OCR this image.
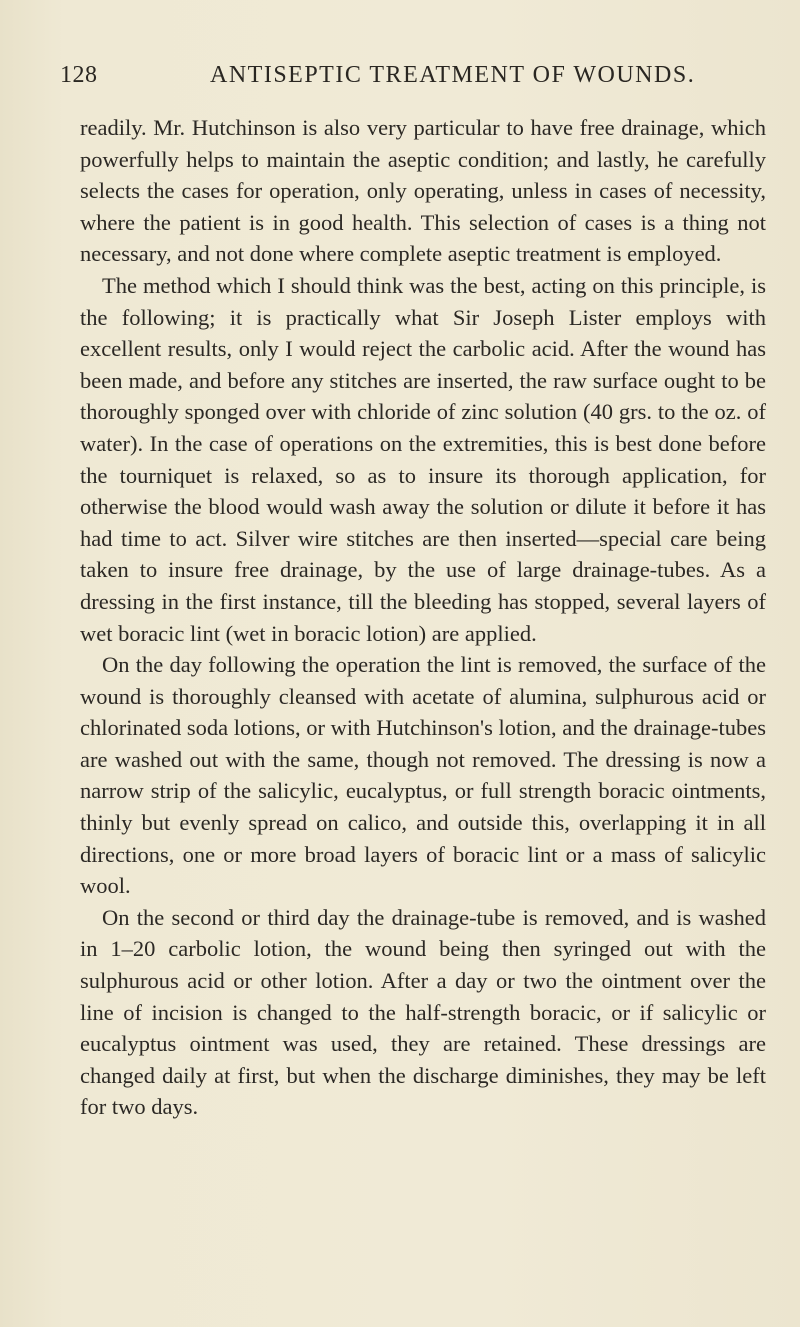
128	ANTISEPTIC TREATMENT OF WOUNDS.

readily. Mr. Hutchinson is also very particular to have free drainage, which powerfully helps to maintain the aseptic condition; and lastly, he carefully selects the cases for operation, only operating, unless in cases of necessity, where the patient is in good health. This selection of cases is a thing not necessary, and not done where complete aseptic treatment is employed.

The method which I should think was the best, acting on this principle, is the following; it is practically what Sir Joseph Lister employs with excellent results, only I would reject the carbolic acid. After the wound has been made, and before any stitches are inserted, the raw surface ought to be thoroughly sponged over with chloride of zinc solution (40 grs. to the oz. of water). In the case of operations on the extremities, this is best done before the tourniquet is relaxed, so as to insure its thorough application, for otherwise the blood would wash away the solution or dilute it before it has had time to act. Silver wire stitches are then inserted—special care being taken to insure free drainage, by the use of large drainage-tubes. As a dressing in the first instance, till the bleeding has stopped, several layers of wet boracic lint (wet in boracic lotion) are applied.

On the day following the operation the lint is removed, the surface of the wound is thoroughly cleansed with acetate of alumina, sulphurous acid or chlorinated soda lotions, or with Hutchinson's lotion, and the drainage-tubes are washed out with the same, though not removed. The dressing is now a narrow strip of the salicylic, eucalyptus, or full strength boracic ointments, thinly but evenly spread on calico, and outside this, overlapping it in all directions, one or more broad layers of boracic lint or a mass of salicylic wool.

On the second or third day the drainage-tube is removed, and is washed in 1–20 carbolic lotion, the wound being then syringed out with the sulphurous acid or other lotion. After a day or two the ointment over the line of incision is changed to the half-strength boracic, or if salicylic or eucalyptus ointment was used, they are retained. These dressings are changed daily at first, but when the discharge diminishes, they may be left for two days.
